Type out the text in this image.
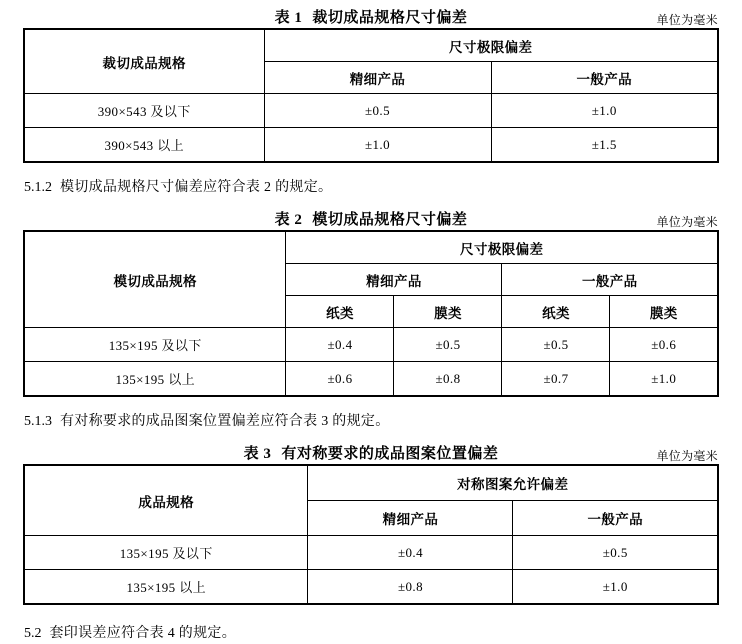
表 1 裁切成品规格尺寸偏差	单位为毫米
裁切成品规格	尺寸极限偏差	
	精细产品	一般产品
390×543 及以下	±0.5	±1.0
390×543 以上	±1.0	±1.5

5.1.2 模切成品规格尺寸偏差应符合表 2 的规定。

表 2 模切成品规格尺寸偏差	单位为毫米
模切成品规格	尺寸极限偏差			
	精细产品		一般产品	
	纸类	膜类	纸类	膜类
135×195 及以下	±0.4	±0.5	±0.5	±0.6
135×195 以上	±0.6	±0.8	±0.7	±1.0

5.1.3 有对称要求的成品图案位置偏差应符合表 3 的规定。

表 3 有对称要求的成品图案位置偏差	单位为毫米
成品规格	对称图案允许偏差	
	精细产品	一般产品
135×195 及以下	±0.4	±0.5
135×195 以上	±0.8	±1.0

5.2 套印误差应符合表 4 的规定。
